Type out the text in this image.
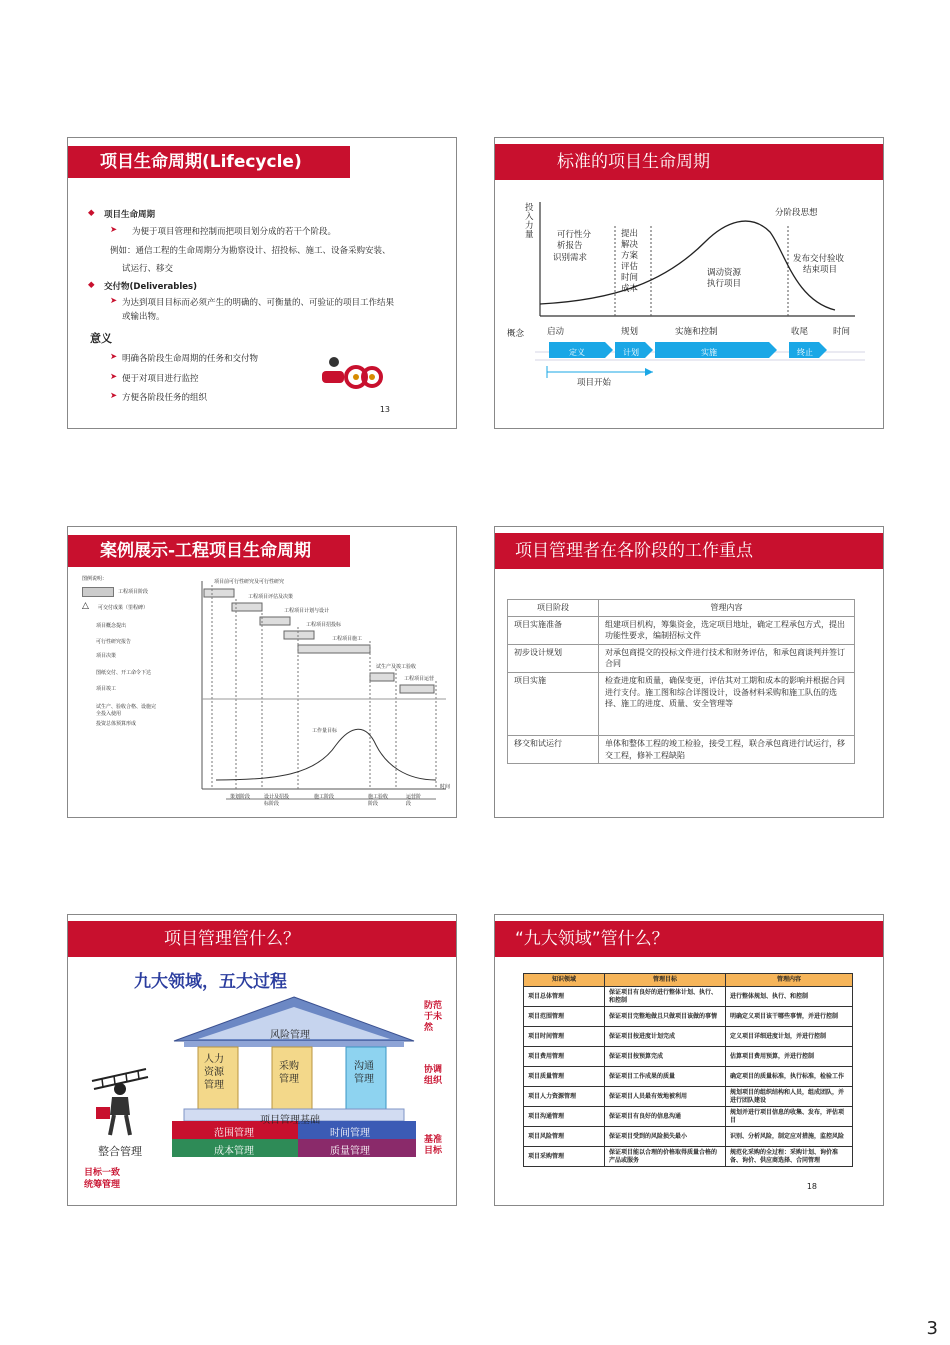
3
项目生命周期(Lifecycle)
◆ 项目生命周期
➤ 为便于项目管理和控制而把项目划分成的若干个阶段。
例如：通信工程的生命周期分为勘察设计、招投标、施工、设备采购安装、
试运行、移交
◆ 交付物(Deliverables)
➤ 为达到项目目标而必须产生的明确的、可衡量的、可验证的项目工作结果
或输出物。
意义
➤ 明确各阶段生命周期的任务和交付物
➤ 便于对项目进行监控
➤ 方便各阶段任务的组织
13
标准的项目生命周期
投入力量
分阶段思想
可行性分
析报告
识别需求
提出
解决
方案
评估
时间
成本
调动资源
执行项目
发布交付验收
结束项目
概念	启动	规划	实施和控制	收尾	时间
定义	计划	实施	终止
项目开始
案例展示-工程项目生命周期
图例说明：
工程项目阶段
△ 可交付成果（里程碑）
项目概念提出
可行性研究报告
项目决策
图纸交付、开工命令下达
项目竣工
试生产、验收合格、设施完全投入使用
投资总体预算形成
项目前可行性研究及可行性研究
工程项目评估及决策
工程项目计划与设计
工程项目招投标
工程项目施工
试生产及竣工验收
工程项目运营
工作量目标
策划阶段	设计及招投标阶段
施工阶段	施工验收阶段
运营阶段
时间
项目管理者在各阶段的工作重点
项目阶段	管理内容
项目实施准备	组建项目机构，筹集资金，选定项目地址，确定工程承包方式，提出功能性要求，编制招标文件
初步设计规划	对承包商提交的投标文件进行技术和财务评估，和承包商谈判并签订合同
项目实施	检查进度和质量，确保变更，评估其对工期和成本的影响并根据合同进行支付。施工图和综合详图设计，设备材料采购和施工队伍的选择、施工的进度、质量、安全管理等
移交和试运行	单体和整体工程的竣工检验，接受工程，联合承包商进行试运行，移交工程，修补工程缺陷
项目管理管什么？
九大领域，五大过程
风险管理
人力资源管理
采购管理
沟通管理
项目管理基础
范围管理	时间管理
成本管理	质量管理
防范于未然
协调组织
基准目标
整合管理
目标一致
统筹管理
“九大领域”管什么？
知识领域	管理目标	管理内容
项目总体管理	保证项目有良好的进行整体计划、执行、和控制	进行整体规划、执行、和控制
项目范围管理	保证项目完整地做且只做项目该做的事情	明确定义项目该干哪些事情，并进行控制
项目时间管理	保证项目按进度计划完成	定义项目详细进度计划，并进行控制
项目费用管理	保证项目按预算完成	估算项目费用预算，并进行控制
项目质量管理	保证项目工作成果的质量	确定项目的质量标准，执行标准，检验工作
项目人力资源管理	保证项目人员最有效地被利用	规划项目的组织结构和人员，组成团队，并进行团队建设
项目沟通管理	保证项目有良好的信息沟通	规划并进行项目信息的收集、发布，评估项目
项目风险管理	保证项目受到的风险损失最小	识别、分析风险，制定应对措施，监控风险
项目采购管理	保证项目能以合理的价格取得质量合格的产品或服务	规范化采购的全过程：采购计划、询价准备、询价、供应商选择、合同管理
18
